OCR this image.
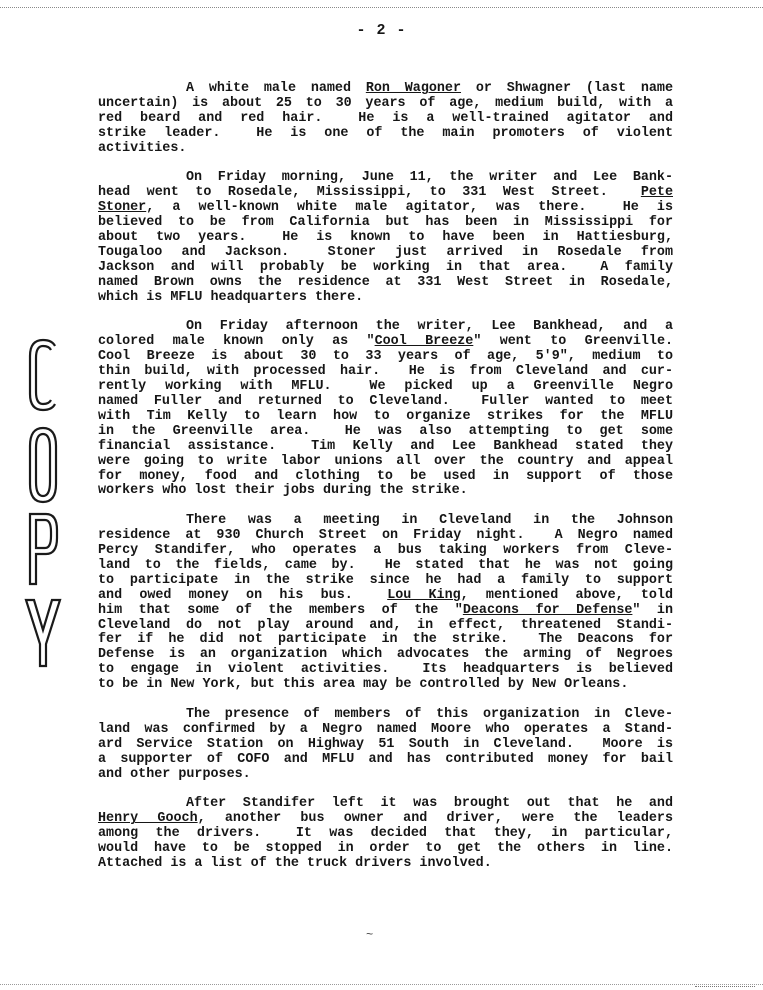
- 2 -
A white male named Ron Wagoner or Shwagner (last name
uncertain) is about 25 to 30 years of age, medium build, with a
red beard and red hair.  He is a well-trained agitator and
strike leader.  He is one of the main promoters of violent
activities.
On Friday morning, June 11, the writer and Lee Bank-
head went to Rosedale, Mississippi, to 331 West Street.  Pete
Stoner, a well-known white male agitator, was there.  He is
believed to be from California but has been in Mississippi for
about two years.  He is known to have been in Hattiesburg,
Tougaloo and Jackson.  Stoner just arrived in Rosedale from
Jackson and will probably be working in that area.  A family
named Brown owns the residence at 331 West Street in Rosedale,
which is MFLU headquarters there.
On Friday afternoon the writer, Lee Bankhead, and a
colored male known only as "Cool Breeze" went to Greenville.
Cool Breeze is about 30 to 33 years of age, 5'9", medium to
thin build, with processed hair.  He is from Cleveland and cur-
rently working with MFLU.  We picked up a Greenville Negro
named Fuller and returned to Cleveland.  Fuller wanted to meet
with Tim Kelly to learn how to organize strikes for the MFLU
in the Greenville area.  He was also attempting to get some
financial assistance.  Tim Kelly and Lee Bankhead stated they
were going to write labor unions all over the country and appeal
for money, food and clothing to be used in support of those
workers who lost their jobs during the strike.
There was a meeting in Cleveland in the Johnson
residence at 930 Church Street on Friday night.  A Negro named
Percy Standifer, who operates a bus taking workers from Cleve-
land to the fields, came by.  He stated that he was not going
to participate in the strike since he had a family to support
and owed money on his bus.  Lou King, mentioned above, told
him that some of the members of the "Deacons for Defense" in
Cleveland do not play around and, in effect, threatened Standi-
fer if he did not participate in the strike.  The Deacons for
Defense is an organization which advocates the arming of Negroes
to engage in violent activities.  Its headquarters is believed
to be in New York, but this area may be controlled by New Orleans.
The presence of members of this organization in Cleve-
land was confirmed by a Negro named Moore who operates a Stand-
ard Service Station on Highway 51 South in Cleveland.  Moore is
a supporter of COFO and MFLU and has contributed money for bail
and other purposes.
After Standifer left it was brought out that he and
Henry Gooch, another bus owner and driver, were the leaders
among the drivers.  It was decided that they, in particular,
would have to be stopped in order to get the others in line.
Attached is a list of the truck drivers involved.
~
